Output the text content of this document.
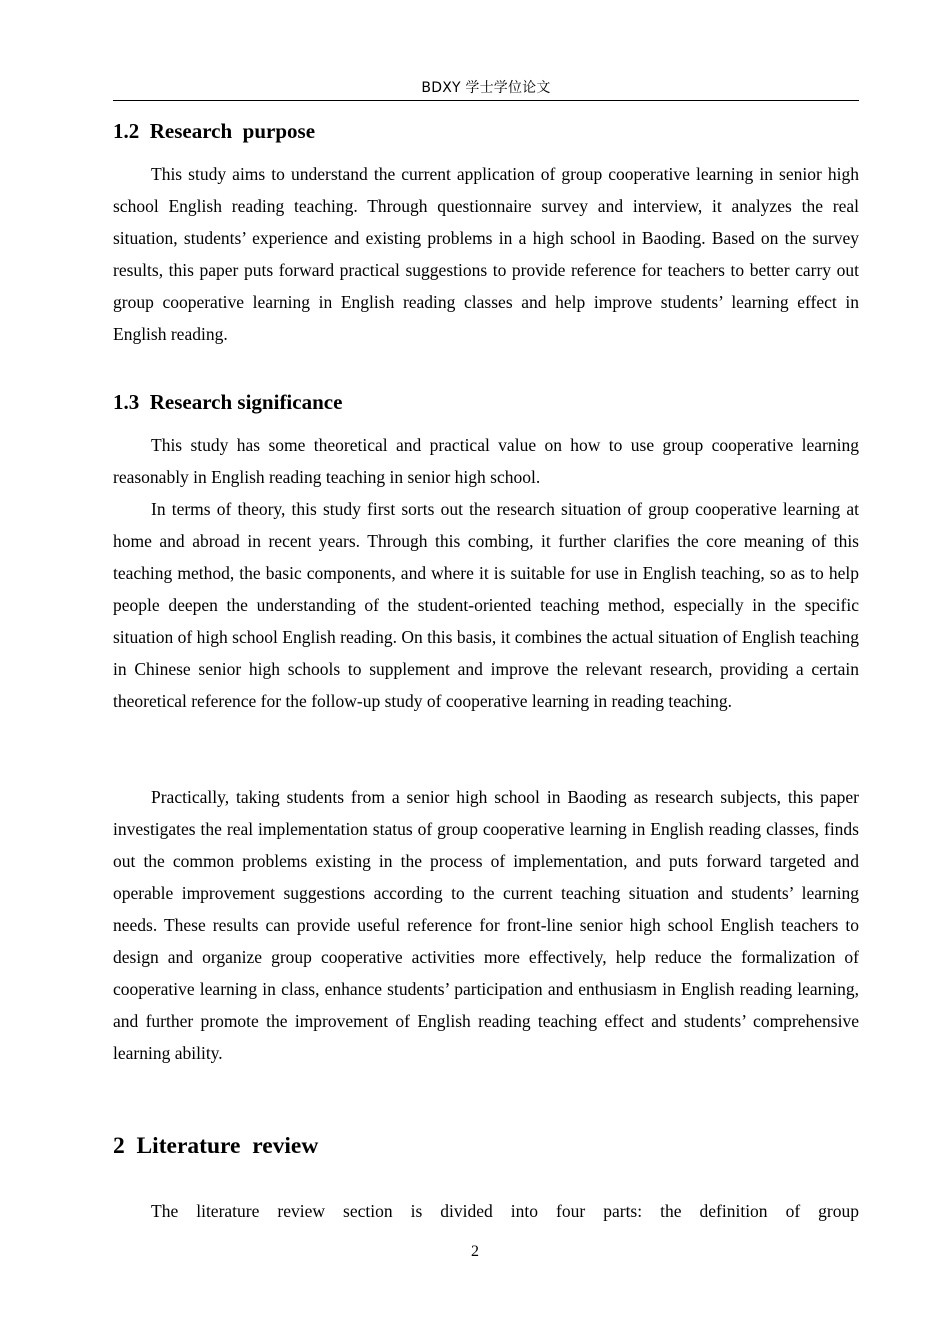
BDXY 学士学位论文
1.2  Research  purpose

This study aims to understand the current application of group cooperative learning in senior high school English reading teaching. Through questionnaire survey and interview, it analyzes the real situation, students’ experience and existing problems in a high school in Baoding. Based on the survey results, this paper puts forward practical suggestions to provide reference for teachers to better carry out group cooperative learning in English reading classes and help improve students’ learning effect in English reading.

1.3  Research significance

This study has some theoretical and practical value on how to use group cooperative learning reasonably in English reading teaching in senior high school.

In terms of theory, this study first sorts out the research situation of group cooperative learning at home and abroad in recent years. Through this combing, it further clarifies the core meaning of this teaching method, the basic components, and where it is suitable for use in English teaching, so as to help people deepen the understanding of the student-oriented teaching method, especially in the specific situation of high school English reading. On this basis, it combines the actual situation of English teaching in Chinese senior high schools to supplement and improve the relevant research, providing a certain theoretical reference for the follow-up study of cooperative learning in reading teaching.

Practically, taking students from a senior high school in Baoding as research subjects, this paper investigates the real implementation status of group cooperative learning in English reading classes, finds out the common problems existing in the process of implementation, and puts forward targeted and operable improvement suggestions according to the current teaching situation and students’ learning needs. These results can provide useful reference for front-line senior high school English teachers to design and organize group cooperative activities more effectively, help reduce the formalization of cooperative learning in class, enhance students’ participation and enthusiasm in English reading learning, and further promote the improvement of English reading teaching effect and students’ comprehensive learning ability.

2  Literature  review

The literature review section is divided into four parts: the definition of group

2
